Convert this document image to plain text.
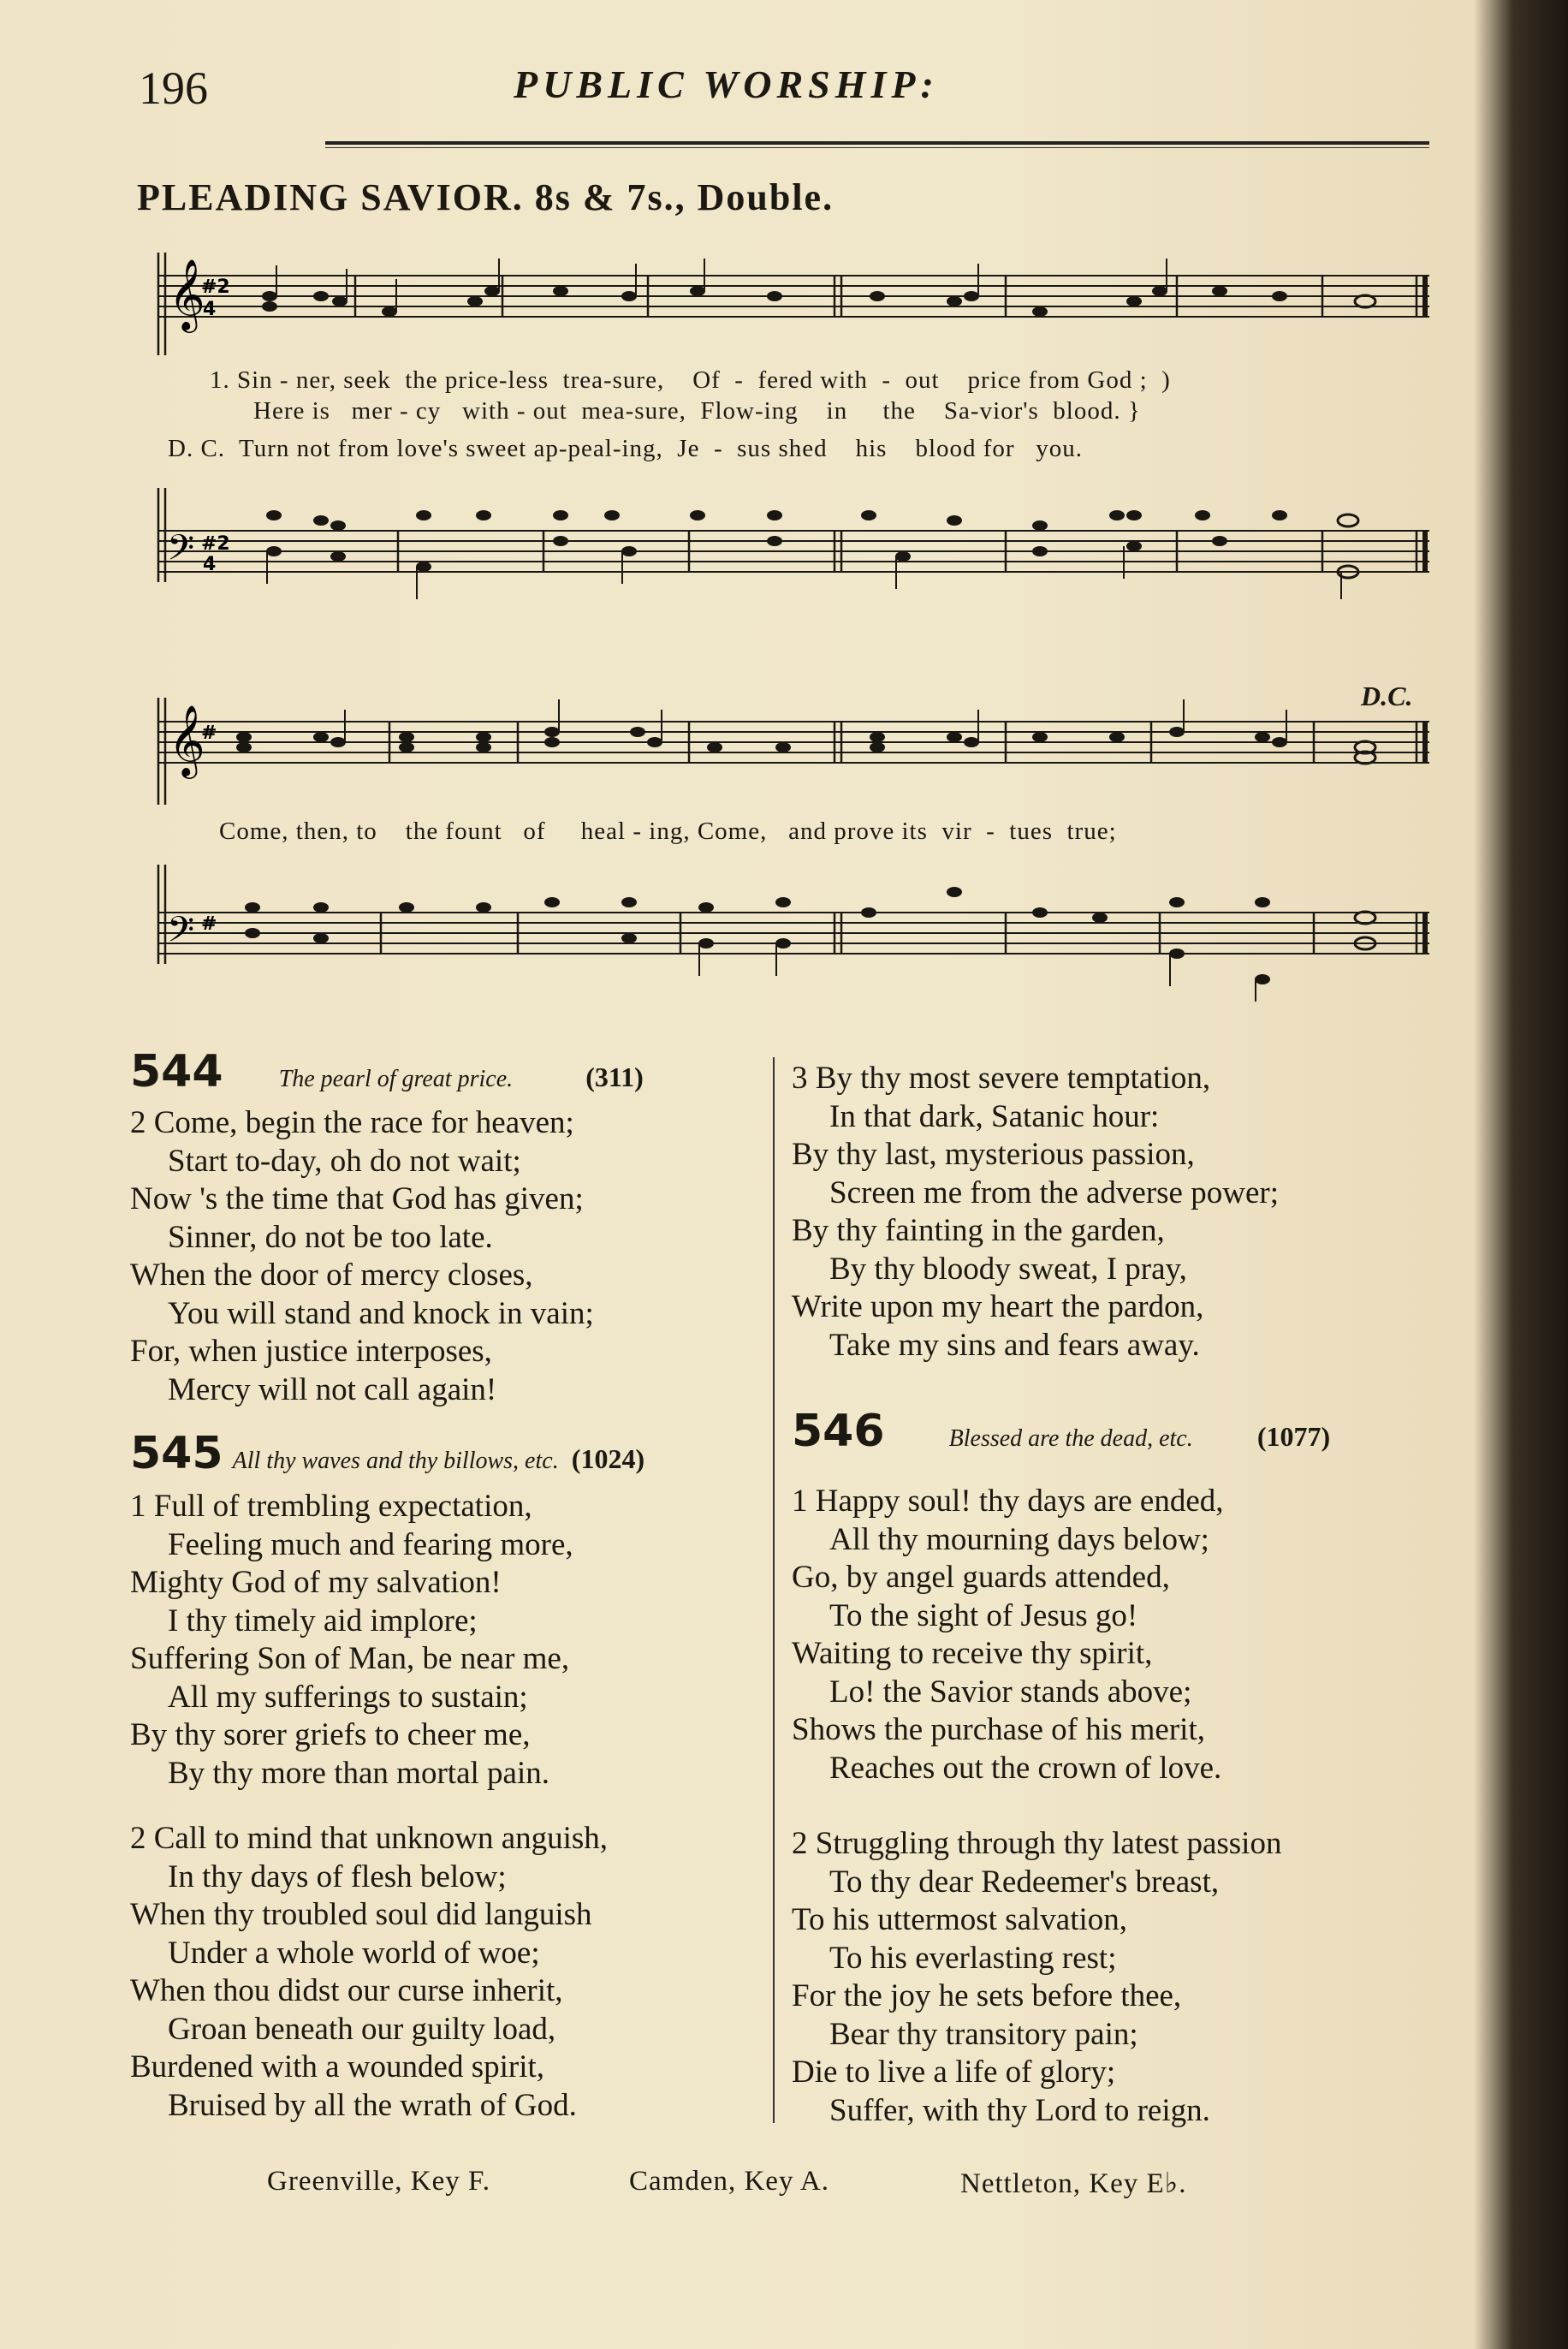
196	PUBLIC WORSHIP:
PLEADING SAVIOR. 8s & 7s., Double.
𝄞
#2
4
1. Sin - ner, seek  the price-less  trea-sure,    Of  -  fered with  -  out    price from God ;  )
Here is   mer - cy   with - out  mea-sure,  Flow-ing    in     the    Sa-vior's  blood. }
D. C.  Turn not from love's sweet ap-peal-ing,  Je  -  sus shed    his    blood for   you.
𝄢 #2
4
D.C.
𝄞
#
Come, then, to    the fount   of     heal - ing, Come,   and prove its  vir  -  tues  true;
𝄢 #
544 The pearl of great price.	(311)
2 Come, begin the race for heaven;
Start to-day, oh do not wait;
Now 's the time that God has given;
Sinner, do not be too late.
When the door of mercy closes,
You will stand and knock in vain;
For, when justice interposes,
Mercy will not call again!
545 All thy waves and thy billows, etc. (1024)
1 Full of trembling expectation,
Feeling much and fearing more,
Mighty God of my salvation!
I thy timely aid implore;
Suffering Son of Man, be near me,
All my sufferings to sustain;
By thy sorer griefs to cheer me,
By thy more than mortal pain.
2 Call to mind that unknown anguish,
In thy days of flesh below;
When thy troubled soul did languish
Under a whole world of woe;
When thou didst our curse inherit,
Groan beneath our guilty load,
Burdened with a wounded spirit,
Bruised by all the wrath of God.
3 By thy most severe temptation,
In that dark, Satanic hour:
By thy last, mysterious passion,
Screen me from the adverse power;
By thy fainting in the garden,
By thy bloody sweat, I pray,
Write upon my heart the pardon,
Take my sins and fears away.
546	Blessed are the dead, etc. (1077)
1 Happy soul! thy days are ended,
All thy mourning days below;
Go, by angel guards attended,
To the sight of Jesus go!
Waiting to receive thy spirit,
Lo! the Savior stands above;
Shows the purchase of his merit,
Reaches out the crown of love.
2 Struggling through thy latest passion
To thy dear Redeemer's breast,
To his uttermost salvation,
To his everlasting rest;
For the joy he sets before thee,
Bear thy transitory pain;
Die to live a life of glory;
Suffer, with thy Lord to reign.
Greenville, Key F.	Camden, Key A.	Nettleton, Key E♭.
